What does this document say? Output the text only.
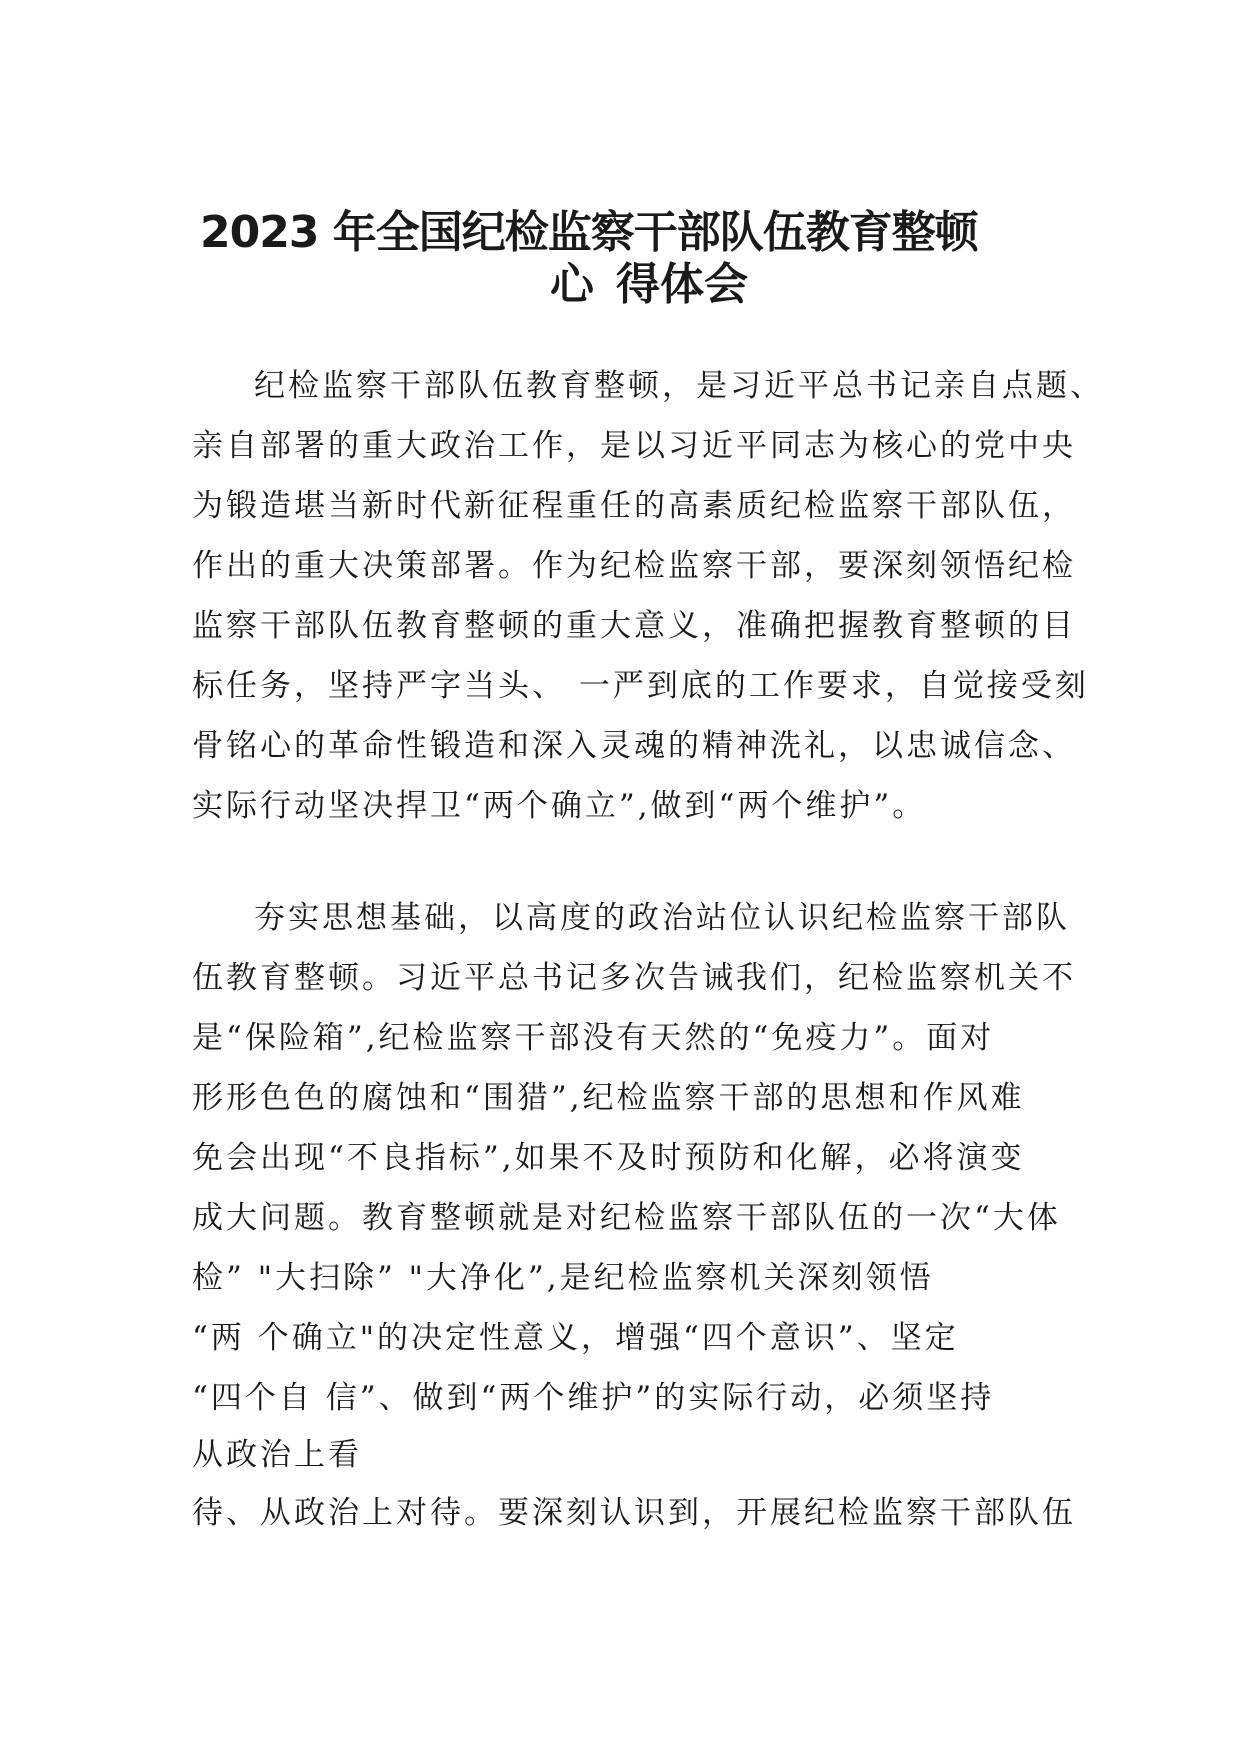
2023 年全国纪检监察干部队伍教育整顿
心 得体会
纪检监察干部队伍教育整顿，是习近平总书记亲自点题、
亲自部署的重大政治工作，是以习近平同志为核心的党中央
为锻造堪当新时代新征程重任的高素质纪检监察干部队伍，
作出的重大决策部署。作为纪检监察干部，要深刻领悟纪检
监察干部队伍教育整顿的重大意义，准确把握教育整顿的目
标任务，坚持严字当头、 一严到底的工作要求，自觉接受刻
骨铭心的革命性锻造和深入灵魂的精神洗礼，以忠诚信念、
实际行动坚决捍卫“两个确立”,做到“两个维护”。
夯实思想基础，以高度的政治站位认识纪检监察干部队
伍教育整顿。习近平总书记多次告诫我们，纪检监察机关不
是“保险箱”,纪检监察干部没有天然的“免疫力”。面对
形形色色的腐蚀和“围猎”,纪检监察干部的思想和作风难
免会出现“不良指标”,如果不及时预防和化解，必将演变
成大问题。教育整顿就是对纪检监察干部队伍的一次“大体
检” "大扫除” "大净化”,是纪检监察机关深刻领悟
“两 个确立"的决定性意义，增强“四个意识”、坚定
“四个自 信”、做到“两个维护”的实际行动，必须坚持
从政治上看
待、从政治上对待。要深刻认识到，开展纪检监察干部队伍
